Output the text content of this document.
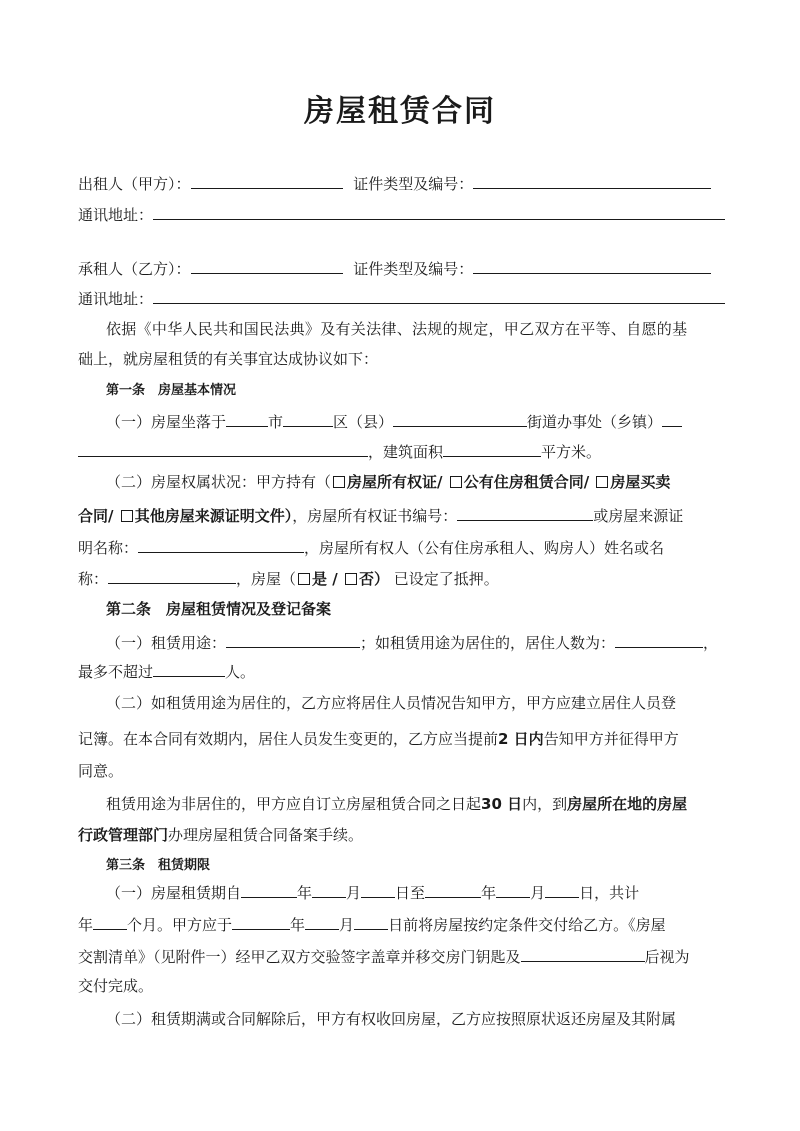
房屋租赁合同
出租人（甲方）：	证件类型及编号：
通讯地址：
承租人（乙方）：	证件类型及编号：
通讯地址：
依据《中华人民共和国民法典》及有关法律、法规的规定，甲乙双方在平等、自愿的基
础上，就房屋租赁的有关事宜达成协议如下：
第一条　房屋基本情况
（一）房屋坐落于	市	区（县）	街道办事处（乡镇）
，建筑面积	平方米。
（二）房屋权属状况：甲方持有（ 房屋所有权证/ 公有住房租赁合同/ 房屋买卖
合同/ 其他房屋来源证明文件），房屋所有权证书编号：	或房屋来源证
明名称：	，房屋所有权人（公有住房承租人、购房人）姓名或名
称：	，房屋（ 是 / 否） 已设定了抵押。
第二条　房屋租赁情况及登记备案
（一）租赁用途：	；如租赁用途为居住的，居住人数为：	，
最多不超过	人。
（二）如租赁用途为居住的，乙方应将居住人员情况告知甲方，甲方应建立居住人员登
记簿。在本合同有效期内，居住人员发生变更的，乙方应当提前2 日内告知甲方并征得甲方
同意。
租赁用途为非居住的，甲方应自订立房屋租赁合同之日起30 日内，到房屋所在地的房屋
行政管理部门办理房屋租赁合同备案手续。
第三条　租赁期限
（一）房屋租赁期自	年 月 日至	年 月 日，共计
年 个月。甲方应于	年 月 日前将房屋按约定条件交付给乙方。《房屋
交割清单》（见附件一）经甲乙双方交验签字盖章并移交房门钥匙及	后视为
交付完成。
（二）租赁期满或合同解除后，甲方有权收回房屋，乙方应按照原状返还房屋及其附属
